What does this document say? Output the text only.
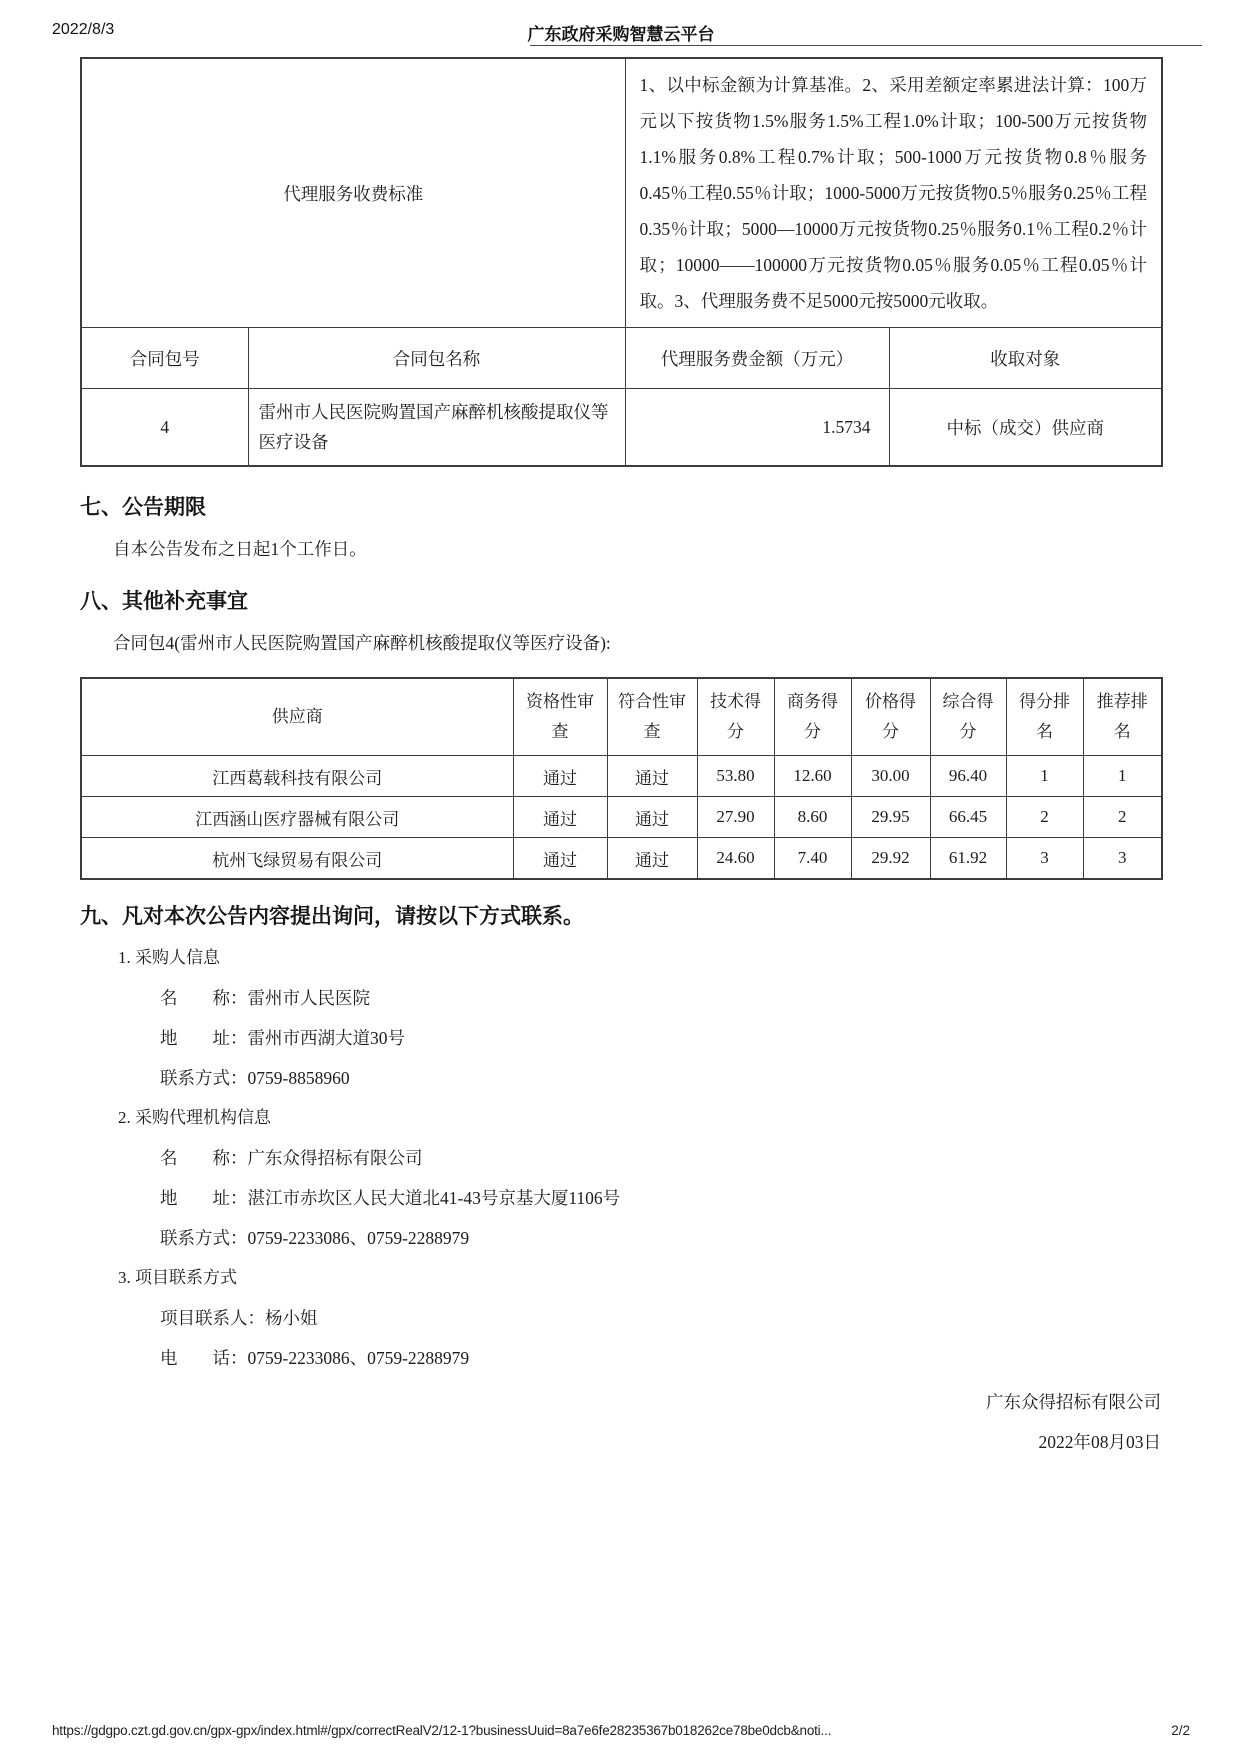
2022/8/3	广东政府采购智慧云平台
代理服务收费标准		1、以中标金额为计算基准。2、采用差额定率累进法计算：100万元以下按货物1.5%服务1.5%工程1.0%计取；100-500万元按货物1.1%服务0.8%工程0.7%计取；500-1000万元按货物0.8％服务0.45％工程0.55％计取；1000-5000万元按货物0.5％服务0.25％工程0.35％计取；5000—10000万元按货物0.25％服务0.1％工程0.2％计取；10000——100000万元按货物0.05％服务0.05％工程0.05％计取。3、代理服务费不足5000元按5000元收取。	
合同包号	合同包名称	代理服务费金额（万元）	收取对象
4	雷州市人民医院购置国产麻醉机核酸提取仪等医疗设备	1.5734	中标（成交）供应商
七、公告期限

自本公告发布之日起1个工作日。

八、其他补充事宜

合同包4(雷州市人民医院购置国产麻醉机核酸提取仪等医疗设备):

供应商	资格性审查	符合性审查	技术得分	商务得分	价格得分	综合得分	得分排名	推荐排名
江西葛载科技有限公司	通过	通过	53.80	12.60	30.00	96.40	1	1
江西涵山医疗器械有限公司	通过	通过	27.90	8.60	29.95	66.45	2	2
杭州飞绿贸易有限公司	通过	通过	24.60	7.40	29.92	61.92	3	3
九、凡对本次公告内容提出询问，请按以下方式联系。

1. 采购人信息

名　　称：雷州市人民医院

地　　址：雷州市西湖大道30号

联系方式：0759-8858960

2. 采购代理机构信息

名　　称：广东众得招标有限公司

地　　址：湛江市赤坎区人民大道北41-43号京基大厦1106号

联系方式：0759-2233086、0759-2288979

3. 项目联系方式

项目联系人：杨小姐

电　　话：0759-2233086、0759-2288979

广东众得招标有限公司

2022年08月03日

https://gdgpo.czt.gd.gov.cn/gpx-gpx/index.html#/gpx/correctRealV2/12-1?businessUuid=8a7e6fe28235367b018262ce78be0dcb&noti...	2/2
